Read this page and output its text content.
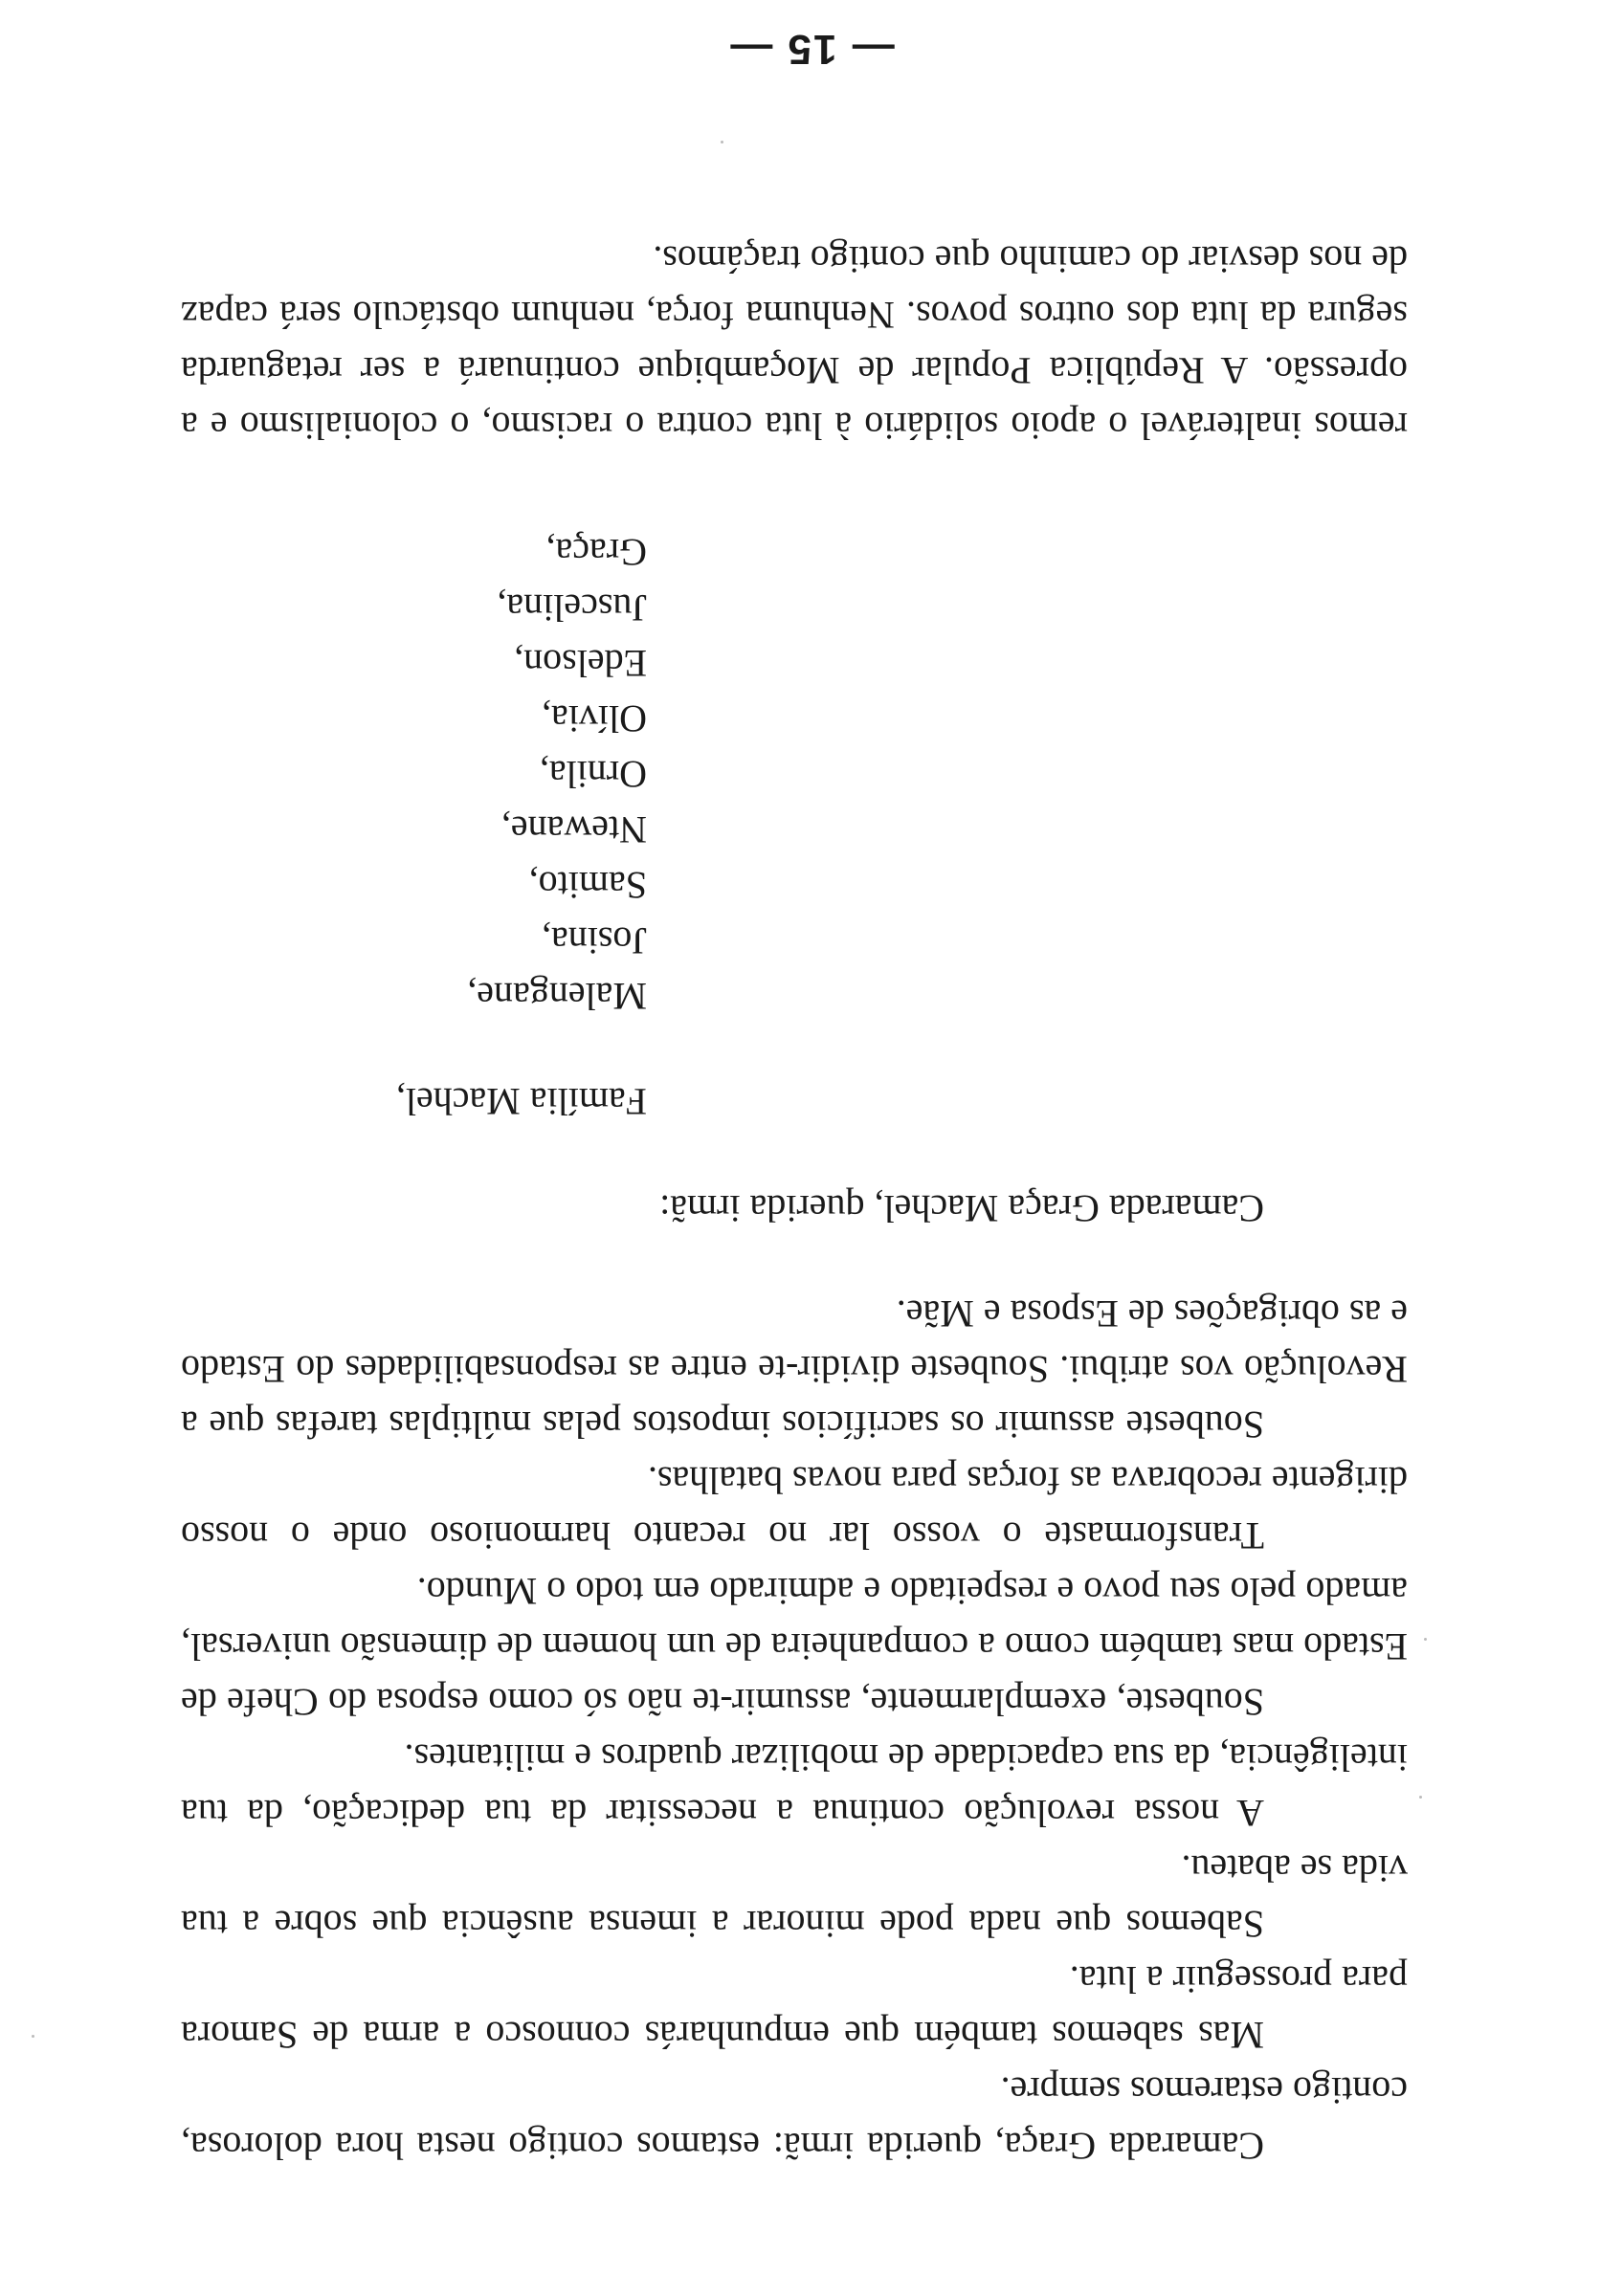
— 15 —

Camarada Graça, querida irmã: estamos contigo nesta hora dolorosa, contigo estaremos sempre.

Mas sabemos também que empunharás connosco a arma de Samora para prosseguir a luta.

Sabemos que nada pode minorar a imensa ausência que sobre a tua vida se abateu.

A nossa revolução continua a necessitar da tua dedicação, da tua inteligência, da sua capacidade de mobilizar quadros e militantes.

Soubeste, exemplarmente, assumir-te não só como esposa do Chefe de Estado mas também como a companheira de um homem de dimensão universal, amado pelo seu povo e respeitado e admirado em todo o Mundo.

Transformaste o vosso lar no recanto harmonioso onde o nosso dirigente recobrava as forças para novas batalhas.

Soubeste assumir os sacrifícios impostos pelas múltiplas tarefas que a Revolução vos atribui. Soubeste dividir-te entre as responsabilidades do Estado e as obrigações de Esposa e Mãe.

Camarada Graça Machel, querida irmã:

Família Machel,

Malengane,
Josina,
Samito,
Ntewane,
Ornila,
Olívia,
Edelson,
Juscelina,
Graça,

remos inalterável o apoio solidário à luta contra o racismo, o colonialismo e a opressão. A República Popular de Moçambique continuará a ser retaguarda segura da luta dos outros povos. Nenhuma força, nenhum obstáculo será capaz de nos desviar do caminho que contigo traçámos.
